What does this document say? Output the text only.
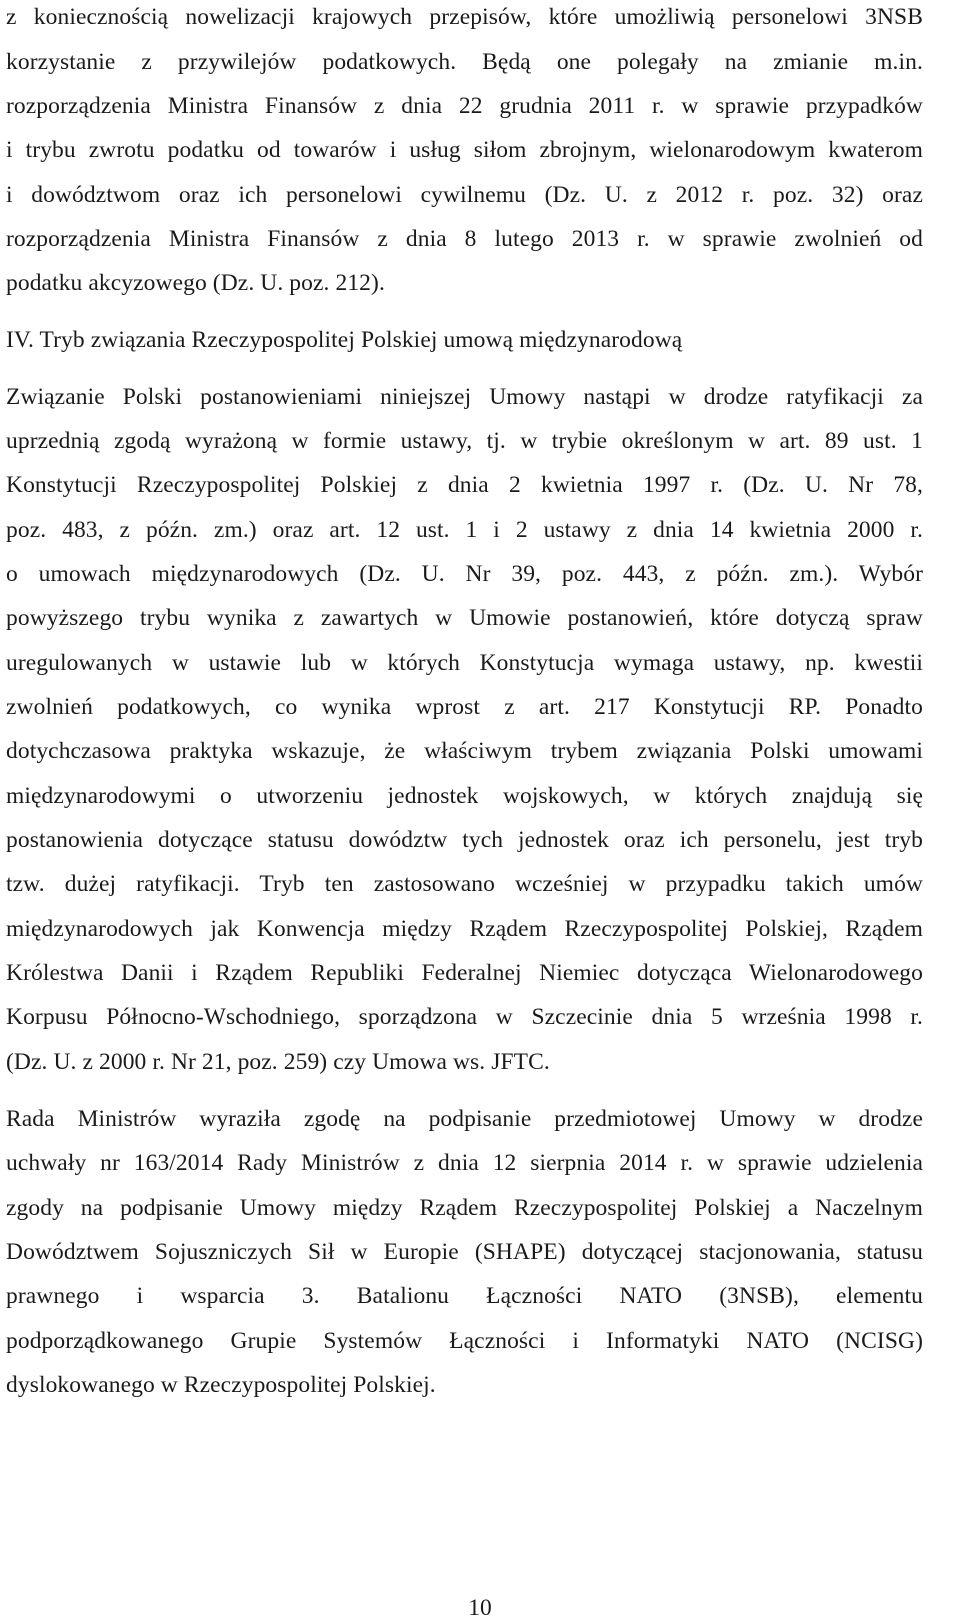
z koniecznością nowelizacji krajowych przepisów, które umożliwią personelowi 3NSB
korzystanie z przywilejów podatkowych. Będą one polegały na zmianie m.in.
rozporządzenia Ministra Finansów z dnia 22 grudnia 2011 r. w sprawie przypadków
i trybu zwrotu podatku od towarów i usług siłom zbrojnym, wielonarodowym kwaterom
i dowództwom oraz ich personelowi cywilnemu (Dz. U. z 2012 r. poz. 32) oraz
rozporządzenia Ministra Finansów z dnia 8 lutego 2013 r. w sprawie zwolnień od
podatku akcyzowego (Dz. U. poz. 212).
IV. Tryb związania Rzeczypospolitej Polskiej umową międzynarodową
Związanie Polski postanowieniami niniejszej Umowy nastąpi w drodze ratyfikacji za
uprzednią zgodą wyrażoną w formie ustawy, tj. w trybie określonym w art. 89 ust. 1
Konstytucji Rzeczypospolitej Polskiej z dnia 2 kwietnia 1997 r. (Dz. U. Nr 78,
poz. 483, z późn. zm.) oraz art. 12 ust. 1 i 2 ustawy z dnia 14 kwietnia 2000 r.
o umowach międzynarodowych (Dz. U. Nr 39, poz. 443, z późn. zm.). Wybór
powyższego trybu wynika z zawartych w Umowie postanowień, które dotyczą spraw
uregulowanych w ustawie lub w których Konstytucja wymaga ustawy, np. kwestii
zwolnień podatkowych, co wynika wprost z art. 217 Konstytucji RP. Ponadto
dotychczasowa praktyka wskazuje, że właściwym trybem związania Polski umowami
międzynarodowymi o utworzeniu jednostek wojskowych, w których znajdują się
postanowienia dotyczące statusu dowództw tych jednostek oraz ich personelu, jest tryb
tzw. dużej ratyfikacji. Tryb ten zastosowano wcześniej w przypadku takich umów
międzynarodowych jak Konwencja między Rządem Rzeczypospolitej Polskiej, Rządem
Królestwa Danii i Rządem Republiki Federalnej Niemiec dotycząca Wielonarodowego
Korpusu Północno-Wschodniego, sporządzona w Szczecinie dnia 5 września 1998 r.
(Dz. U. z 2000 r. Nr 21, poz. 259) czy Umowa ws. JFTC.
Rada Ministrów wyraziła zgodę na podpisanie przedmiotowej Umowy w drodze
uchwały nr 163/2014 Rady Ministrów z dnia 12 sierpnia 2014 r. w sprawie udzielenia
zgody na podpisanie Umowy między Rządem Rzeczypospolitej Polskiej a Naczelnym
Dowództwem Sojuszniczych Sił w Europie (SHAPE) dotyczącej stacjonowania, statusu
prawnego i wsparcia 3. Batalionu Łączności NATO (3NSB), elementu
podporządkowanego Grupie Systemów Łączności i Informatyki NATO (NCISG)
dyslokowanego w Rzeczypospolitej Polskiej.
10
